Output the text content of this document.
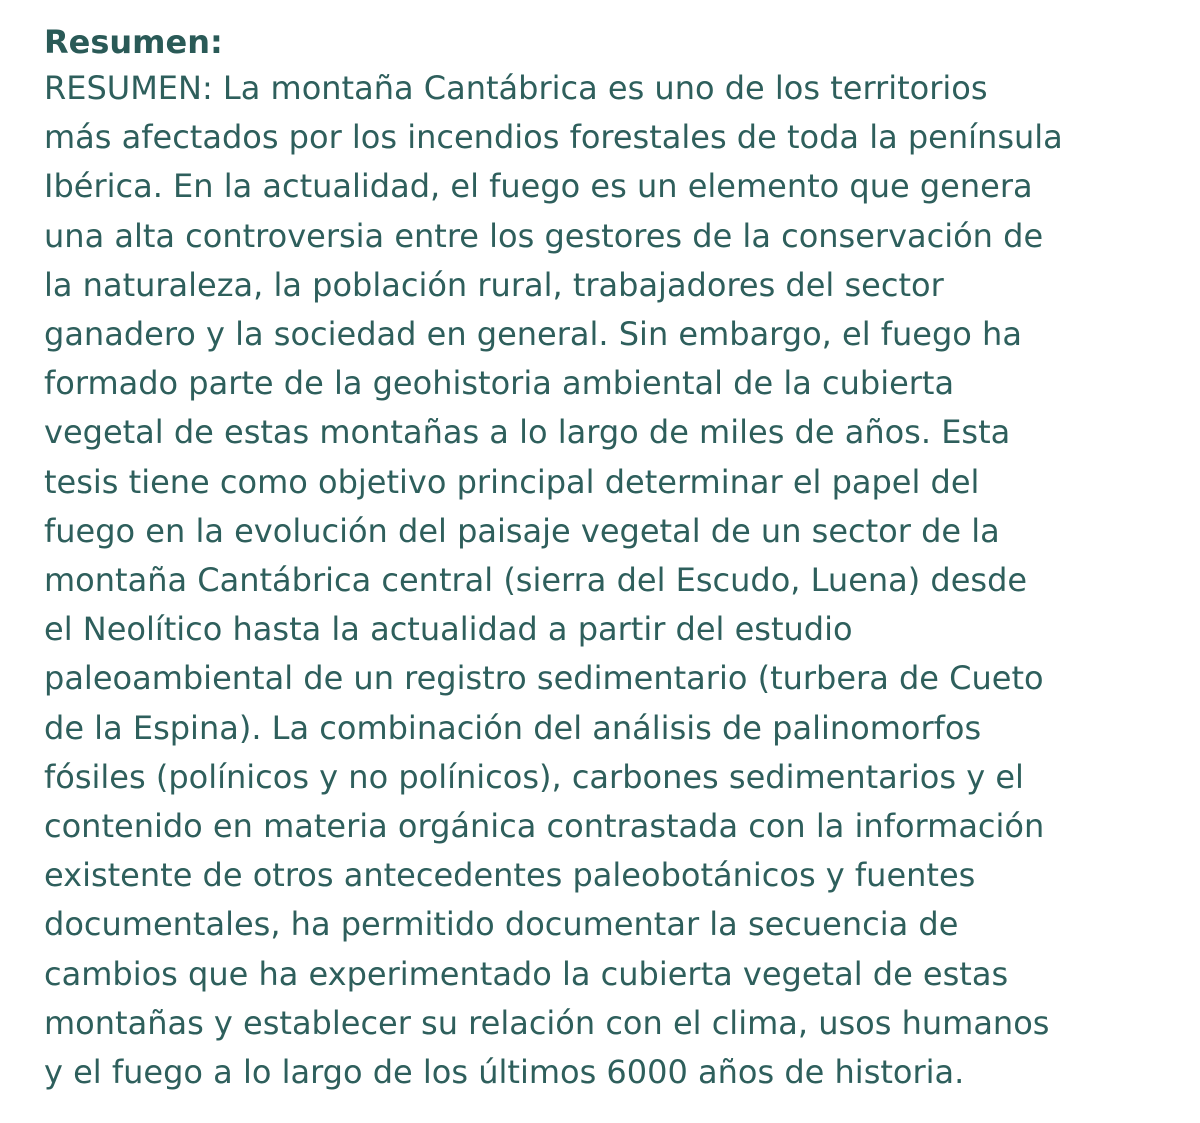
Resumen:

RESUMEN: La montaña Cantábrica es uno de los territorios
más afectados por los incendios forestales de toda la península
Ibérica. En la actualidad, el fuego es un elemento que genera
una alta controversia entre los gestores de la conservación de
la naturaleza, la población rural, trabajadores del sector
ganadero y la sociedad en general. Sin embargo, el fuego ha
formado parte de la geohistoria ambiental de la cubierta
vegetal de estas montañas a lo largo de miles de años. Esta
tesis tiene como objetivo principal determinar el papel del
fuego en la evolución del paisaje vegetal de un sector de la
montaña Cantábrica central (sierra del Escudo, Luena) desde
el Neolítico hasta la actualidad a partir del estudio
paleoambiental de un registro sedimentario (turbera de Cueto
de la Espina). La combinación del análisis de palinomorfos
fósiles (polínicos y no polínicos), carbones sedimentarios y el
contenido en materia orgánica contrastada con la información
existente de otros antecedentes paleobotánicos y fuentes
documentales, ha permitido documentar la secuencia de
cambios que ha experimentado la cubierta vegetal de estas
montañas y establecer su relación con el clima, usos humanos
y el fuego a lo largo de los últimos 6000 años de historia.
